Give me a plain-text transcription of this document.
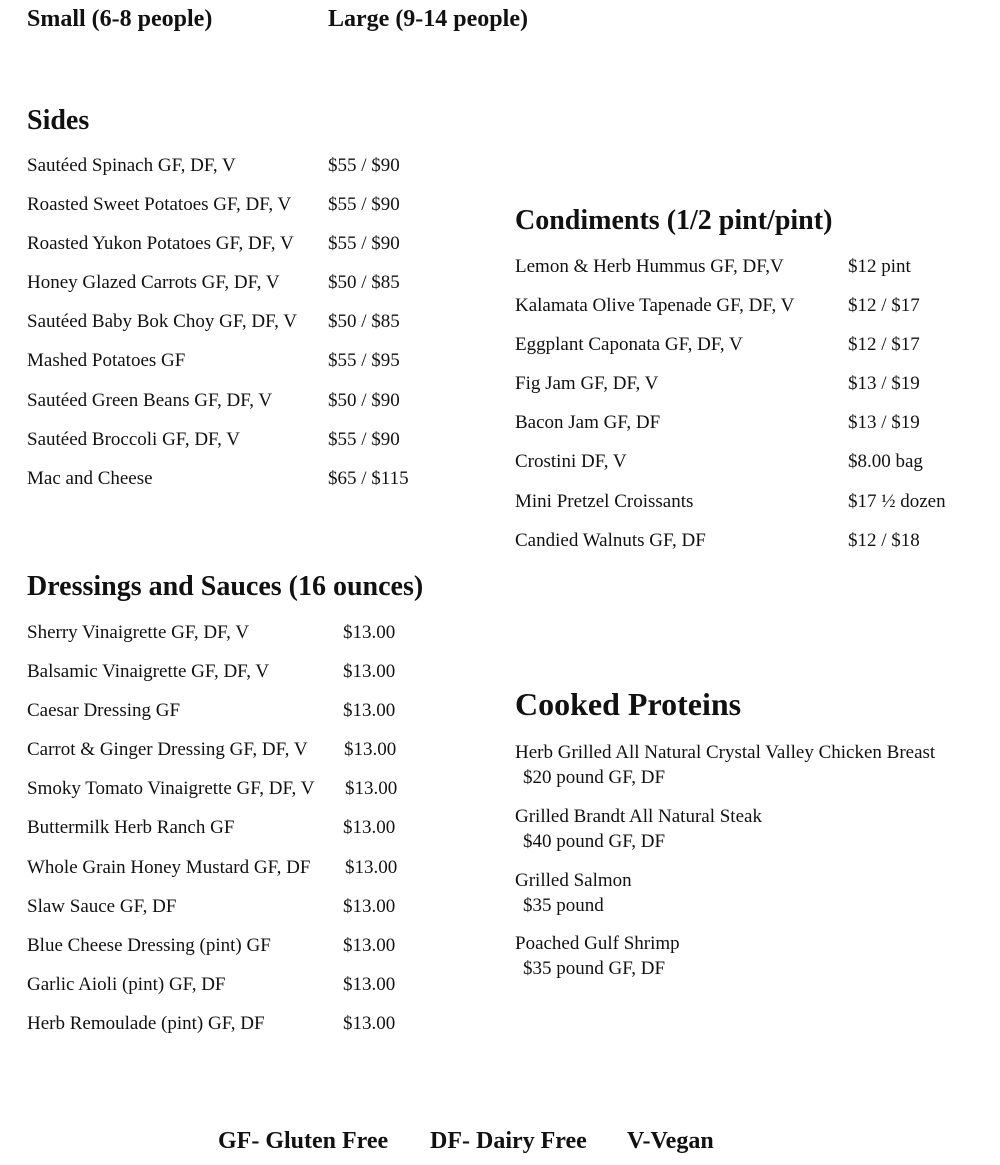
Small (6-8 people)	Large (9-14 people)
Sides
Sautéed Spinach GF, DF, V	$55 / $90
Roasted Sweet Potatoes GF, DF, V $55 / $90
Roasted Yukon Potatoes GF, DF, V $55 / $90
Honey Glazed Carrots GF, DF, V	$50 / $85
Sautéed Baby Bok Choy GF, DF, V $50 / $85
Mashed Potatoes GF	$55 / $95
Sautéed Green Beans GF, DF, V	$50 / $90
Sautéed Broccoli GF, DF, V	$55 / $90
Mac and Cheese	$65 / $115
Condiments (1/2 pint/pint)
Lemon & Herb Hummus GF, DF,V	$12 pint
Kalamata Olive Tapenade GF, DF, V	$12 / $17
Eggplant Caponata GF, DF, V	$12 / $17
Fig Jam GF, DF, V	$13 / $19
Bacon Jam GF, DF	$13 / $19
Crostini DF, V	$8.00 bag
Mini Pretzel Croissants	$17 ½ dozen
Candied Walnuts GF, DF	$12 / $18
Dressings and Sauces (16 ounces)
Sherry Vinaigrette GF, DF, V	$13.00
Balsamic Vinaigrette GF, DF, V	$13.00
Caesar Dressing GF	$13.00
Carrot & Ginger Dressing GF, DF, V $13.00
Smoky Tomato Vinaigrette GF, DF, V $13.00
Buttermilk Herb Ranch GF	$13.00
Whole Grain Honey Mustard GF, DF $13.00
Slaw Sauce GF, DF	$13.00
Blue Cheese Dressing (pint) GF	$13.00
Garlic Aioli (pint) GF, DF	$13.00
Herb Remoulade (pint) GF, DF	$13.00
Cooked Proteins
Herb Grilled All Natural Crystal Valley Chicken Breast
$20 pound GF, DF
Grilled Brandt All Natural Steak
$40 pound GF, DF
Grilled Salmon
$35 pound
Poached Gulf Shrimp
$35 pound GF, DF
GF- Gluten Free DF- Dairy Free V-Vegan
